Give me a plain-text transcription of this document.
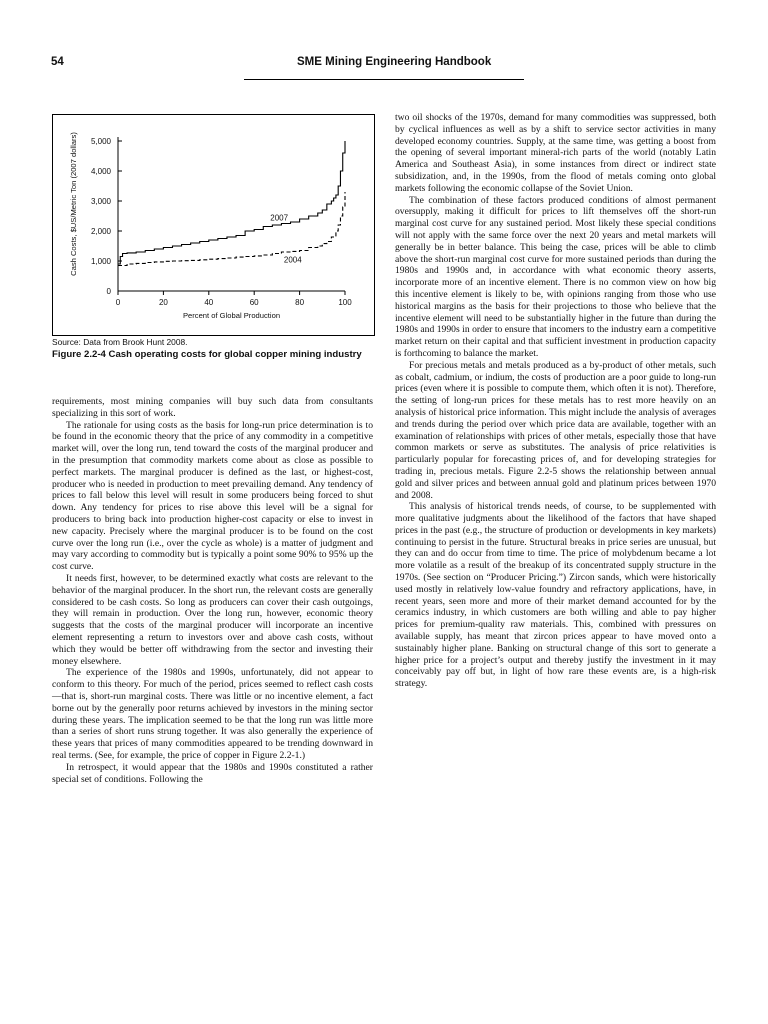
54	SME Mining Engineering Handbook
0
1,000
2,000
3,000
4,000
5,000
0	20	40	60	80	100
Percent of Global Production
Cash Costs, $US/Metric Ton (2007 dollars)	2007
2004
Source: Data from Brook Hunt 2008.
Figure 2.2-4 Cash operating costs for global copper mining industry

requirements, most mining companies will buy such data from consultants specializing in this sort of work.

The rationale for using costs as the basis for long-run price determination is to be found in the economic theory that the price of any commodity in a competitive market will, over the long run, tend toward the costs of the marginal producer and in the presumption that commodity markets come about as close as possible to perfect markets. The marginal producer is defined as the last, or highest-cost, producer who is needed in production to meet prevailing demand. Any tendency of prices to fall below this level will result in some producers being forced to shut down. Any tendency for prices to rise above this level will be a signal for producers to bring back into production higher-cost capacity or else to invest in new capacity. Precisely where the marginal producer is to be found on the cost curve over the long run (i.e., over the cycle as whole) is a matter of judgment and may vary according to commodity but is typically a point some 90% to 95% up the cost curve.

It needs first, however, to be determined exactly what costs are relevant to the behavior of the marginal producer. In the short run, the relevant costs are generally considered to be cash costs. So long as producers can cover their cash outgoings, they will remain in production. Over the long run, however, economic theory suggests that the costs of the marginal producer will incorporate an incentive element representing a return to investors over and above cash costs, without which they would be better off withdrawing from the sector and investing their money elsewhere.

The experience of the 1980s and 1990s, unfortunately, did not appear to conform to this theory. For much of the period, prices seemed to reflect cash costs—that is, short-run marginal costs. There was little or no incentive element, a fact borne out by the generally poor returns achieved by investors in the mining sector during these years. The implication seemed to be that the long run was little more than a series of short runs strung together. It was also generally the experience of these years that prices of many commodities appeared to be trending downward in real terms. (See, for example, the price of copper in Figure 2.2-1.)

In retrospect, it would appear that the 1980s and 1990s constituted a rather special set of conditions. Following the

two oil shocks of the 1970s, demand for many commodities was suppressed, both by cyclical influences as well as by a shift to service sector activities in many developed economy countries. Supply, at the same time, was getting a boost from the opening of several important mineral-rich parts of the world (notably Latin America and Southeast Asia), in some instances from direct or indirect state subsidization, and, in the 1990s, from the flood of metals coming onto global markets following the economic collapse of the Soviet Union.

The combination of these factors produced conditions of almost permanent oversupply, making it difficult for prices to lift themselves off the short-run marginal cost curve for any sustained period. Most likely these special conditions will not apply with the same force over the next 20 years and metal markets will generally be in better balance. This being the case, prices will be able to climb above the short-run marginal cost curve for more sustained periods than during the 1980s and 1990s and, in accordance with what economic theory asserts, incorporate more of an incentive element. There is no common view on how big this incentive element is likely to be, with opinions ranging from those who use historical margins as the basis for their projections to those who believe that the incentive element will need to be substantially higher in the future than during the 1980s and 1990s in order to ensure that incomers to the industry earn a competitive market return on their capital and that sufficient investment in production capacity is forthcoming to balance the market.

For precious metals and metals produced as a by-product of other metals, such as cobalt, cadmium, or indium, the costs of production are a poor guide to long-run prices (even where it is possible to compute them, which often it is not). Therefore, the setting of long-run prices for these metals has to rest more heavily on an analysis of historical price information. This might include the analysis of averages and trends during the period over which price data are available, together with an examination of relationships with prices of other metals, especially those that have common markets or serve as substitutes. The analysis of price relativities is particularly popular for forecasting prices of, and for developing strategies for trading in, precious metals. Figure 2.2-5 shows the relationship between annual gold and silver prices and between annual gold and platinum prices between 1970 and 2008.

This analysis of historical trends needs, of course, to be supplemented with more qualitative judgments about the likelihood of the factors that have shaped prices in the past (e.g., the structure of production or developments in key markets) continuing to persist in the future. Structural breaks in price series are unusual, but they can and do occur from time to time. The price of molybdenum became a lot more volatile as a result of the breakup of its concentrated supply structure in the 1970s. (See section on “Producer Pricing.”) Zircon sands, which were historically used mostly in relatively low-value foundry and refractory applications, have, in recent years, seen more and more of their market demand accounted for by the ceramics industry, in which customers are both willing and able to pay higher prices for premium-quality raw materials. This, combined with pressures on available supply, has meant that zircon prices appear to have moved onto a sustainably higher plane. Banking on structural change of this sort to generate a higher price for a project’s output and thereby justify the investment in it may conceivably pay off but, in light of how rare these events are, is a high-risk strategy.
